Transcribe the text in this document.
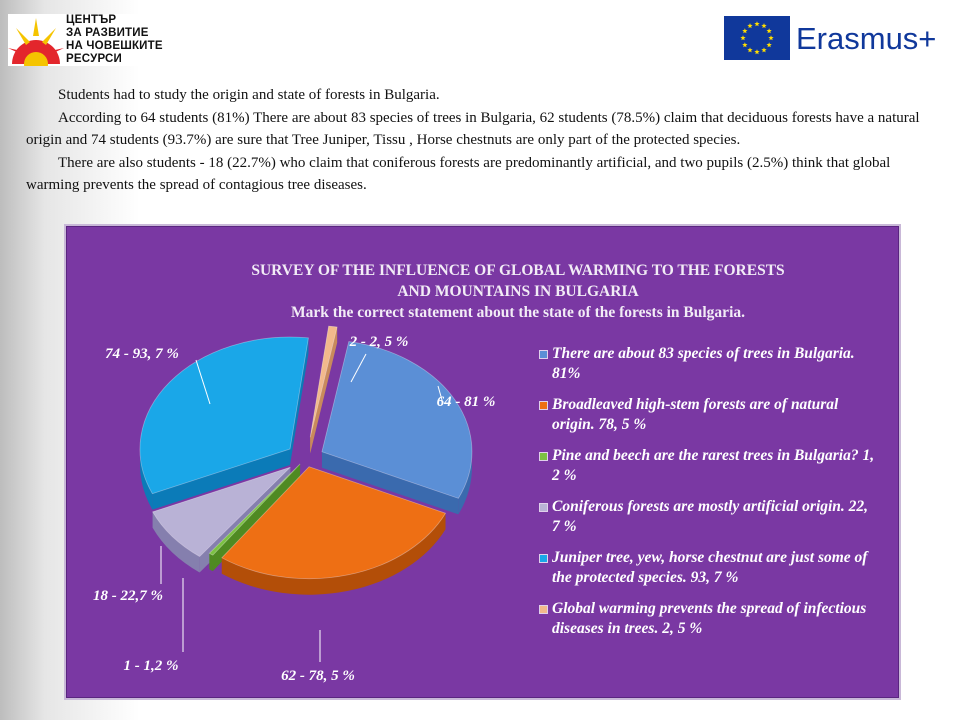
ЦЕНТЪР
ЗА РАЗВИТИЕ
НА ЧОВЕШКИТЕ
РЕСУРСИ
Erasmus+

Students had to study the origin and state of forests in Bulgaria.

According to 64 students (81%) There are about 83 species of trees in Bulgaria, 62 students (78.5%) claim that deciduous forests have a natural origin and 74 students (93.7%) are sure that Tree Juniper, Tissu , Horse chestnuts are only part of the protected species.

There are also students - 18 (22.7%) who claim that coniferous forests are predominantly artificial, and two pupils (2.5%) think that global warming prevents the spread of contagious tree diseases.

SURVEY OF THE INFLUENCE OF GLOBAL WARMING TO THE FORESTS
AND MOUNTAINS IN BULGARIA
Mark the correct statement about the state of the forests in Bulgaria.
64 - 81 %
62 - 78, 5 %
1 - 1,2 %
18 - 22,7 %
74 - 93, 7 %
2 - 2, 5 %
There are about 83 species of trees in Bulgaria. 81%
Broadleaved high-stem forests are of natural origin. 78, 5 %
Pine and beech are the rarest trees in Bulgaria? 1, 2 %
Coniferous forests are mostly artificial origin. 22, 7 %
Juniper tree, yew, horse chestnut are just some of the protected species. 93, 7 %
Global warming prevents the spread of infectious diseases in trees. 2, 5 %
